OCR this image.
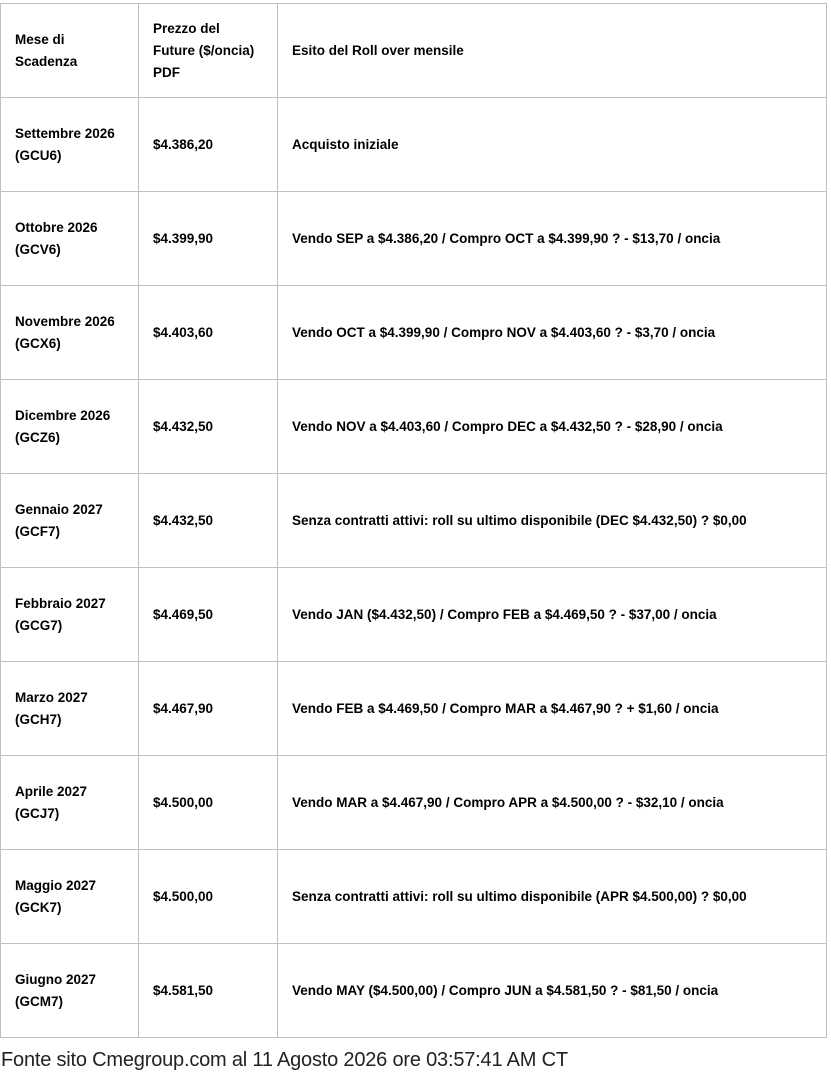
Mese di
Scadenza	Prezzo del
Future ($/oncia)
PDF	Esito del Roll over mensile
Settembre 2026
(GCU6)	$4.386,20	Acquisto iniziale
Ottobre 2026
(GCV6)	$4.399,90	Vendo SEP a $4.386,20 / Compro OCT a $4.399,90 ? - $13,70 / oncia
Novembre 2026
(GCX6)	$4.403,60	Vendo OCT a $4.399,90 / Compro NOV a $4.403,60 ? - $3,70 / oncia
Dicembre 2026
(GCZ6)	$4.432,50	Vendo NOV a $4.403,60 / Compro DEC a $4.432,50 ? - $28,90 / oncia
Gennaio 2027
(GCF7)	$4.432,50	Senza contratti attivi: roll su ultimo disponibile (DEC $4.432,50) ? $0,00
Febbraio 2027
(GCG7)	$4.469,50	Vendo JAN ($4.432,50) / Compro FEB a $4.469,50 ? - $37,00 / oncia
Marzo 2027
(GCH7)	$4.467,90	Vendo FEB a $4.469,50 / Compro MAR a $4.467,90 ? + $1,60 / oncia
Aprile 2027
(GCJ7)	$4.500,00	Vendo MAR a $4.467,90 / Compro APR a $4.500,00 ? - $32,10 / oncia
Maggio 2027
(GCK7)	$4.500,00	Senza contratti attivi: roll su ultimo disponibile (APR $4.500,00) ? $0,00
Giugno 2027
(GCM7)	$4.581,50	Vendo MAY ($4.500,00) / Compro JUN a $4.581,50 ? - $81,50 / oncia
Fonte sito Cmegroup.com al 11 Agosto 2026 ore 03:57:41 AM CT
